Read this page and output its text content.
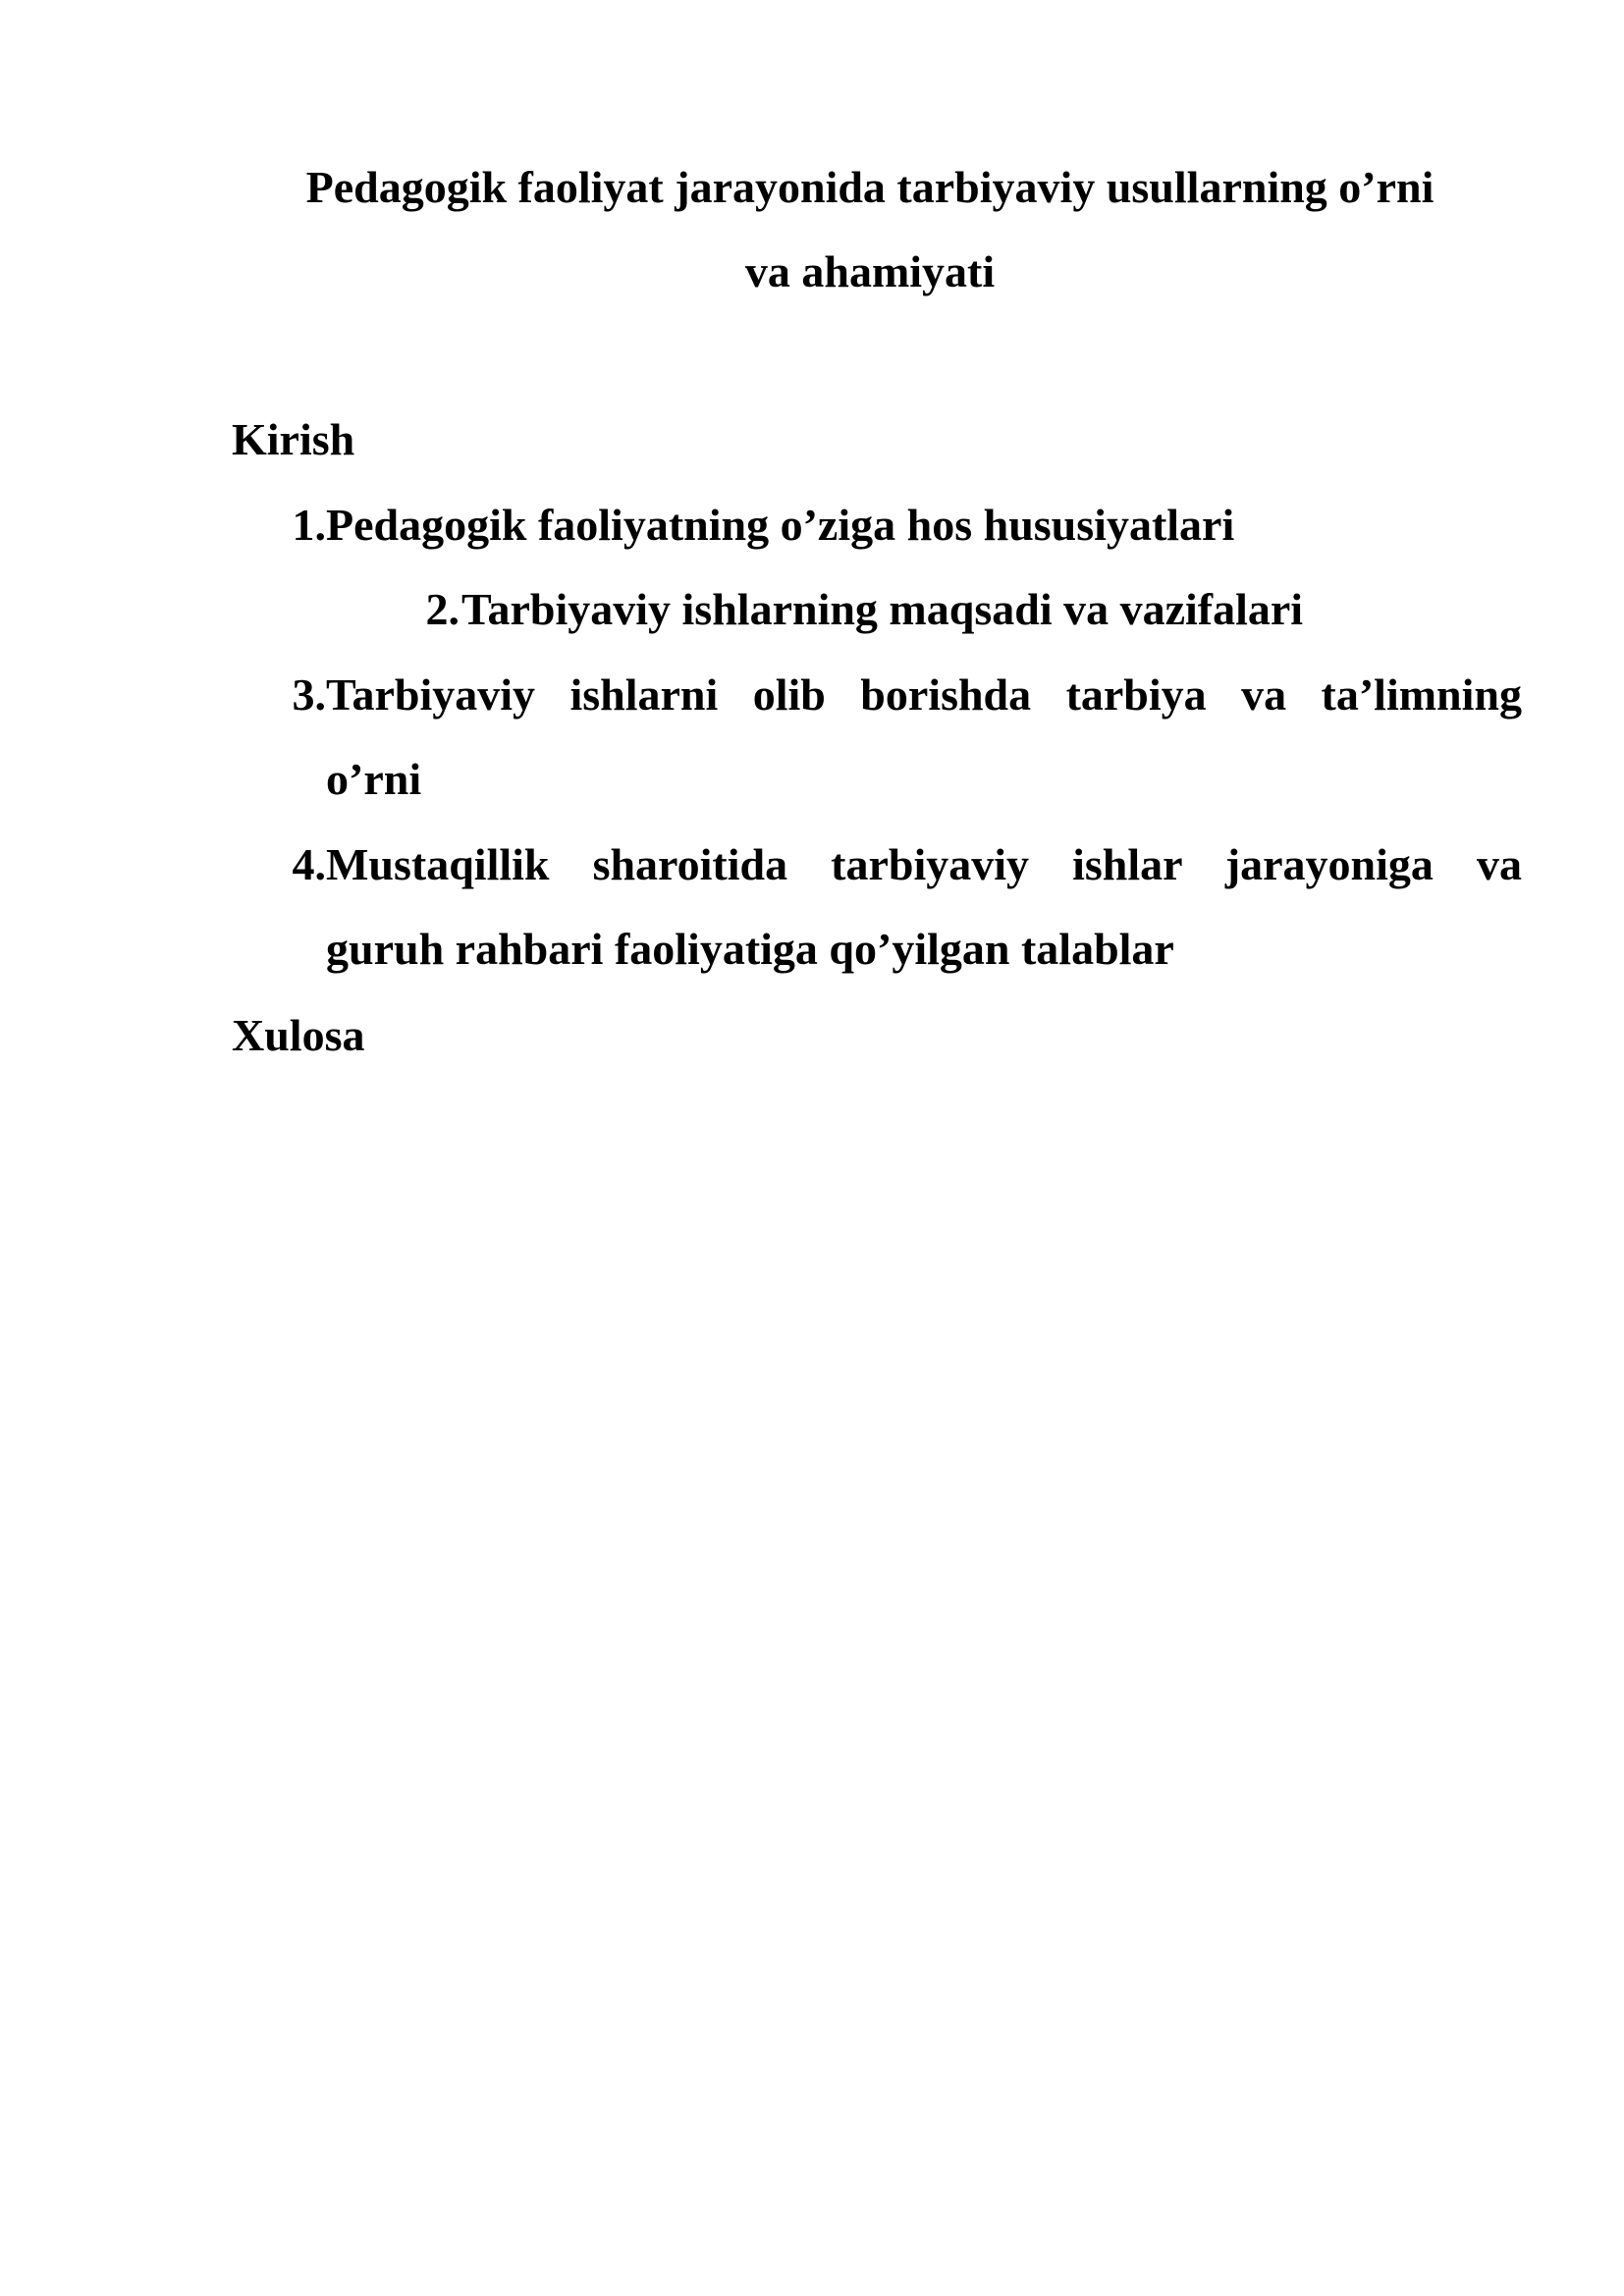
Pedagogik faoliyat jarayonida tarbiyaviy usullarning o’rni
va ahamiyati
Kirish
1. Pedagogik faoliyatning o’ziga hos hususiyatlari
2. Tarbiyaviy ishlarning maqsadi va vazifalari
3. Tarbiyaviy ishlarni olib borishda tarbiya va ta’limning
o’rni
4. Mustaqillik sharoitida tarbiyaviy ishlar jarayoniga va
guruh rahbari faoliyatiga qo’yilgan talablar
Xulosa
